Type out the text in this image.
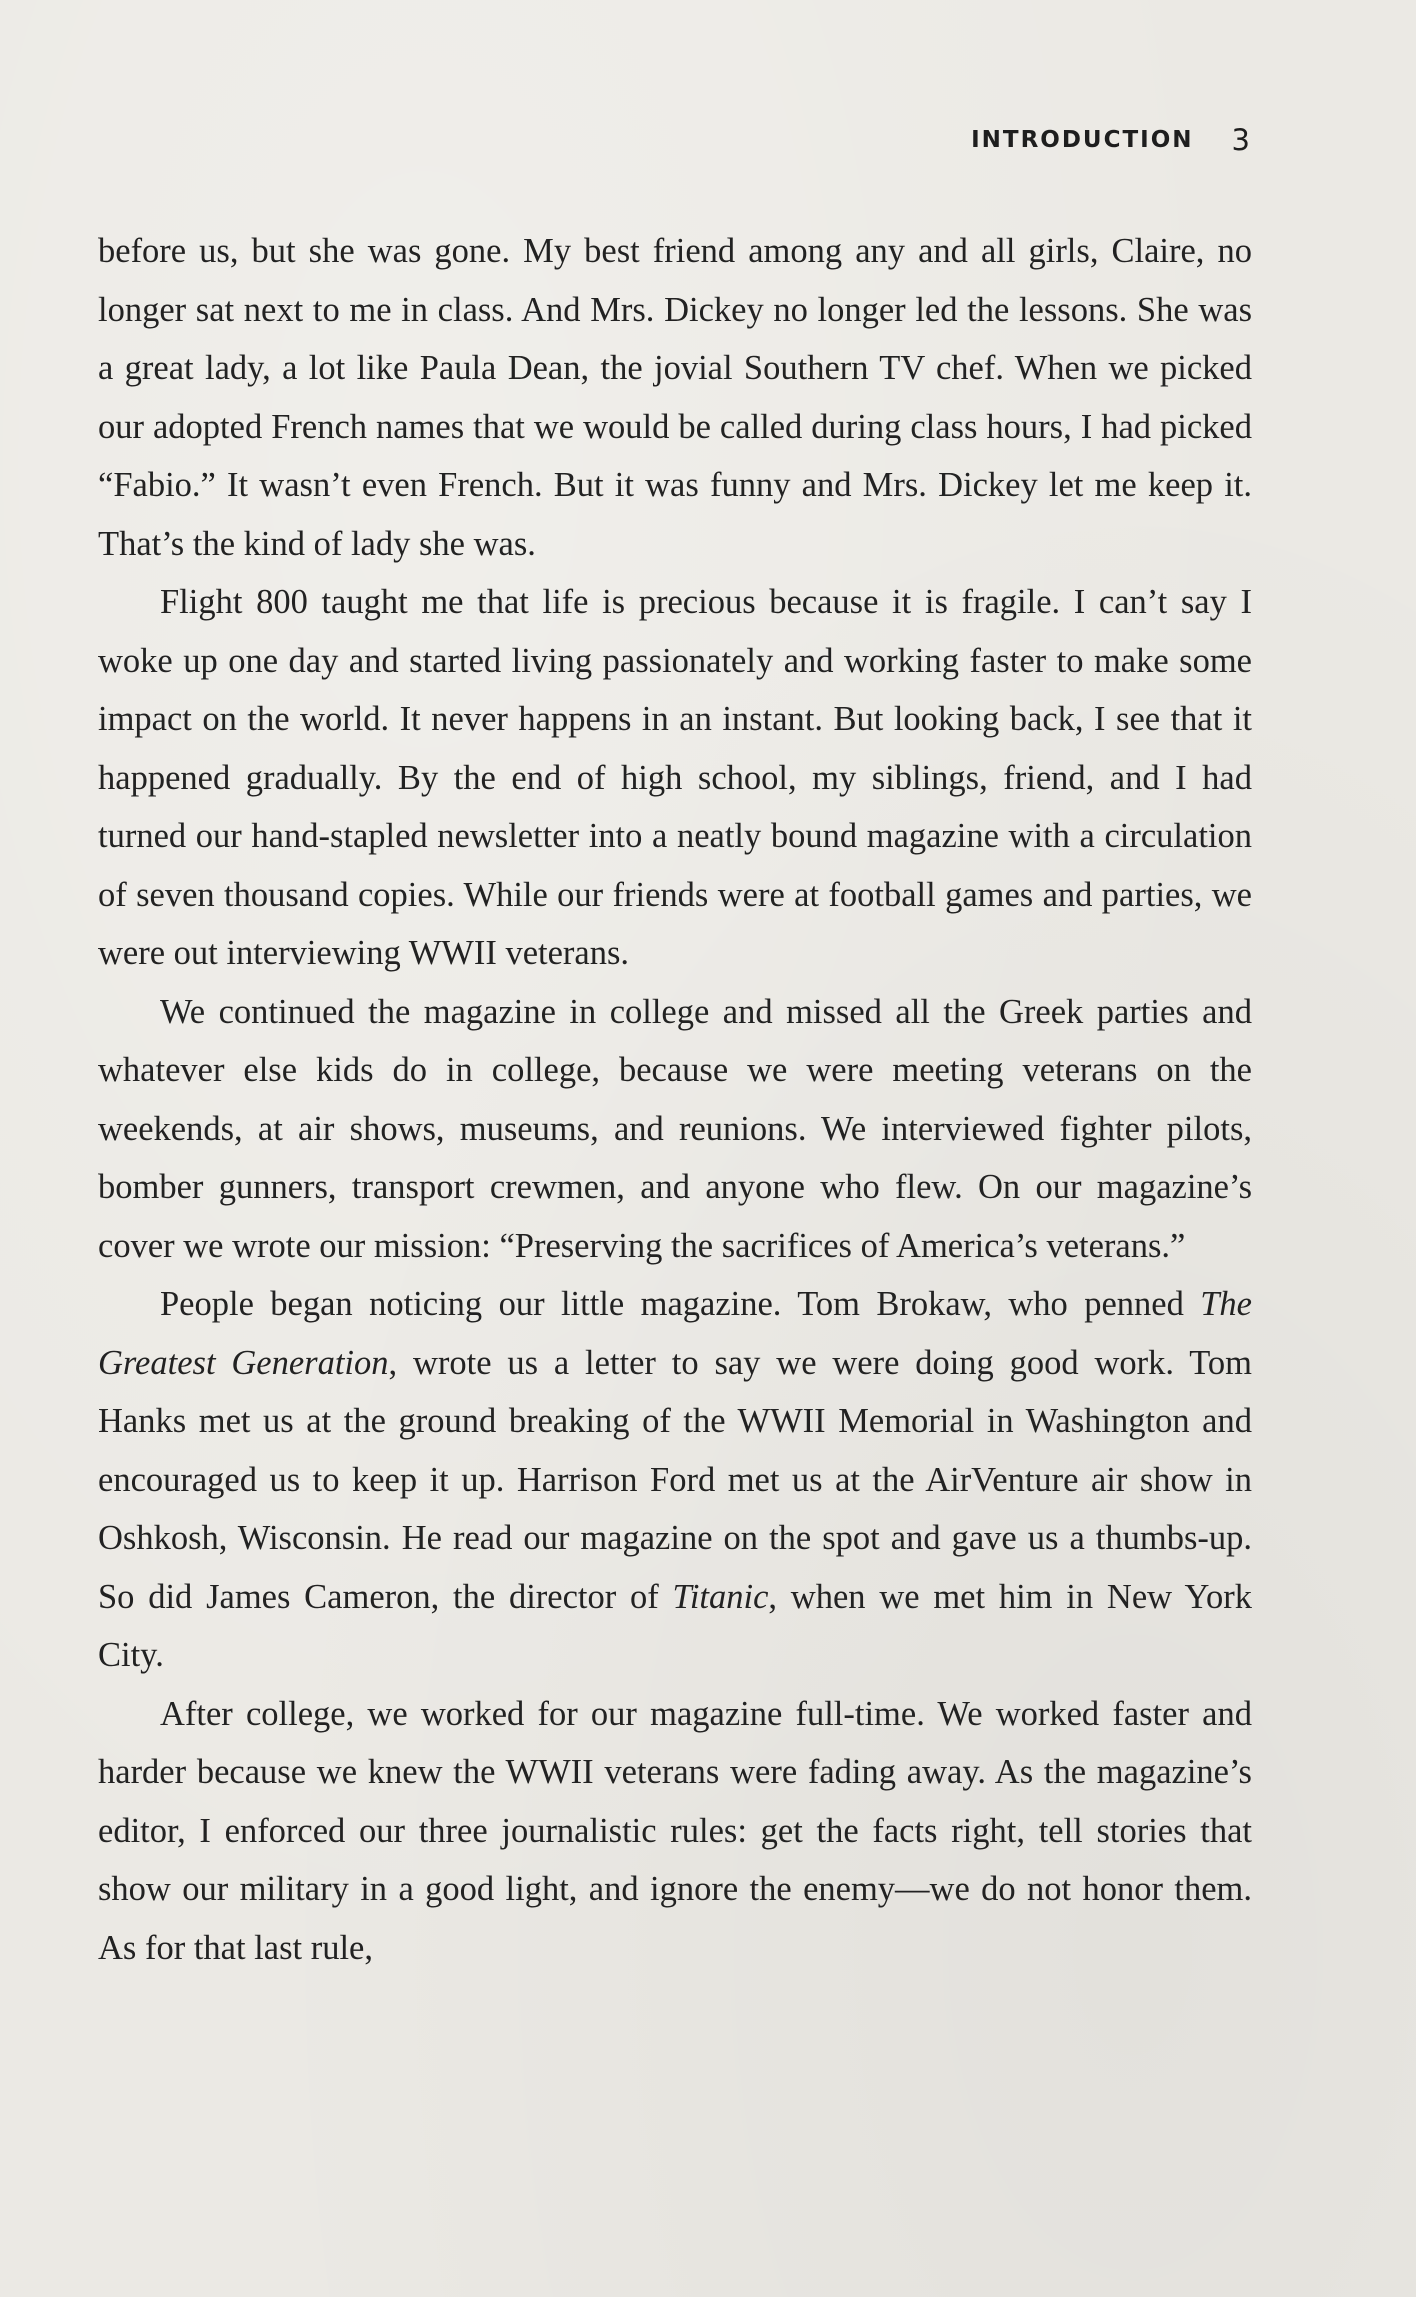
INTRODUCTION 3

before us, but she was gone. My best friend among any and all girls, Claire, no longer sat next to me in class. And Mrs. Dickey no longer led the lessons. She was a great lady, a lot like Paula Dean, the jovial Southern TV chef. When we picked our adopted French names that we would be called during class hours, I had picked “Fabio.” It wasn’t even French. But it was funny and Mrs. Dickey let me keep it. That’s the kind of lady she was.

Flight 800 taught me that life is precious because it is fragile. I can’t say I woke up one day and started living passionately and working faster to make some impact on the world. It never happens in an instant. But looking back, I see that it happened gradually. By the end of high school, my siblings, friend, and I had turned our hand-stapled newsletter into a neatly bound magazine with a circulation of seven thousand copies. While our friends were at football games and parties, we were out interviewing WWII veterans.

We continued the magazine in college and missed all the Greek parties and whatever else kids do in college, because we were meeting veterans on the weekends, at air shows, museums, and reunions. We interviewed fighter pilots, bomber gunners, transport crewmen, and anyone who flew. On our magazine’s cover we wrote our mission: “Preserving the sacrifices of America’s veterans.”

People began noticing our little magazine. Tom Brokaw, who penned The Greatest Generation, wrote us a letter to say we were doing good work. Tom Hanks met us at the ground breaking of the WWII Memorial in Washington and encouraged us to keep it up. Harrison Ford met us at the AirVenture air show in Oshkosh, Wisconsin. He read our magazine on the spot and gave us a thumbs-up. So did James Cameron, the director of Titanic, when we met him in New York City.

After college, we worked for our magazine full-time. We worked faster and harder because we knew the WWII veterans were fading away. As the magazine’s editor, I enforced our three journalistic rules: get the facts right, tell stories that show our military in a good light, and ignore the enemy—we do not honor them. As for that last rule,
